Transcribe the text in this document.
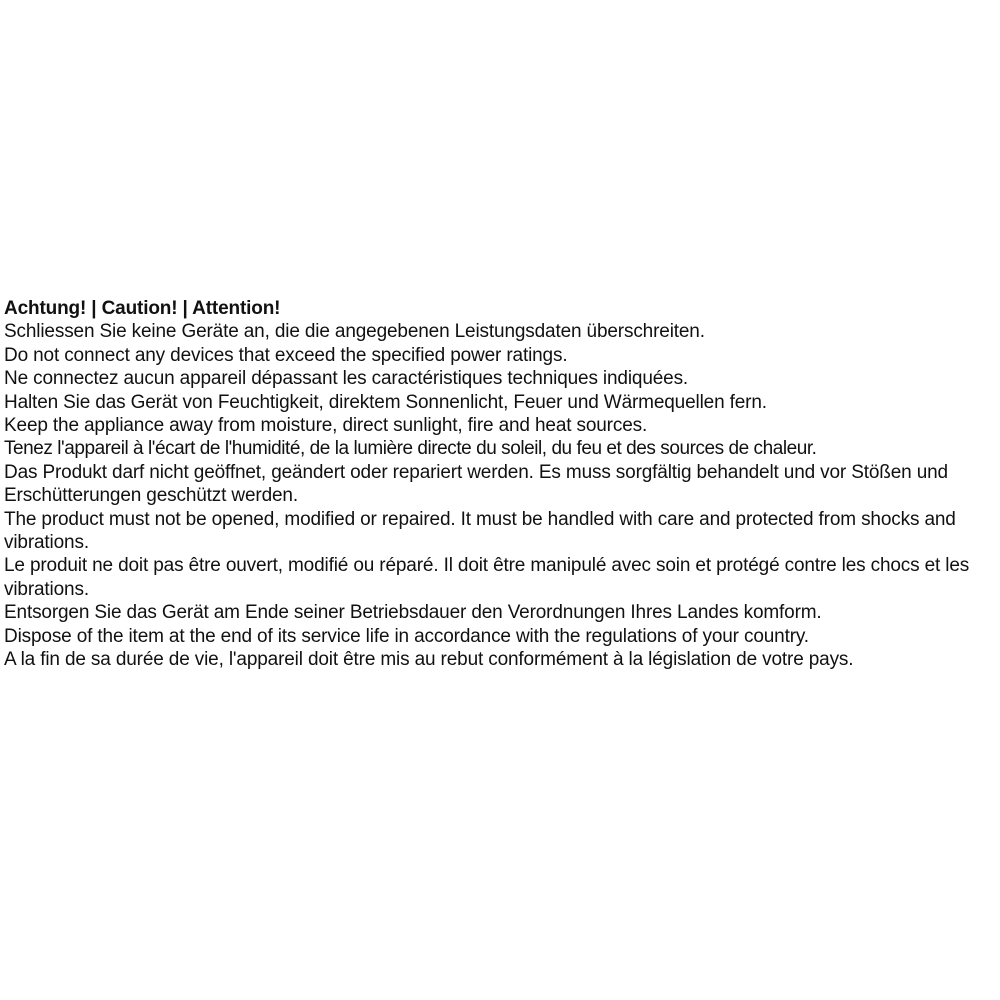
Achtung! | Caution! | Attention!

Schliessen Sie keine Geräte an, die die angegebenen Leistungsdaten überschreiten.

Do not connect any devices that exceed the specified power ratings.

Ne connectez aucun appareil dépassant les caractéristiques techniques indiquées.

Halten Sie das Gerät von Feuchtigkeit, direktem Sonnenlicht, Feuer und Wärmequellen fern.

Keep the appliance away from moisture, direct sunlight, fire and heat sources.

Tenez l'appareil à l'écart de l'humidité, de la lumière directe du soleil, du feu et des sources de chaleur.

Das Produkt darf nicht geöffnet, geändert oder repariert werden. Es muss sorgfältig behandelt und vor Stößen und Erschütterungen geschützt werden.

The product must not be opened, modified or repaired. It must be handled with care and protected from shocks and vibrations.

Le produit ne doit pas être ouvert, modifié ou réparé. Il doit être manipulé avec soin et protégé contre les chocs et les vibrations.

Entsorgen Sie das Gerät am Ende seiner Betriebsdauer den Verordnungen Ihres Landes komform.

Dispose of the item at the end of its service life in accordance with the regulations of your country.

A la fin de sa durée de vie, l'appareil doit être mis au rebut conformément à la législation de votre pays.
